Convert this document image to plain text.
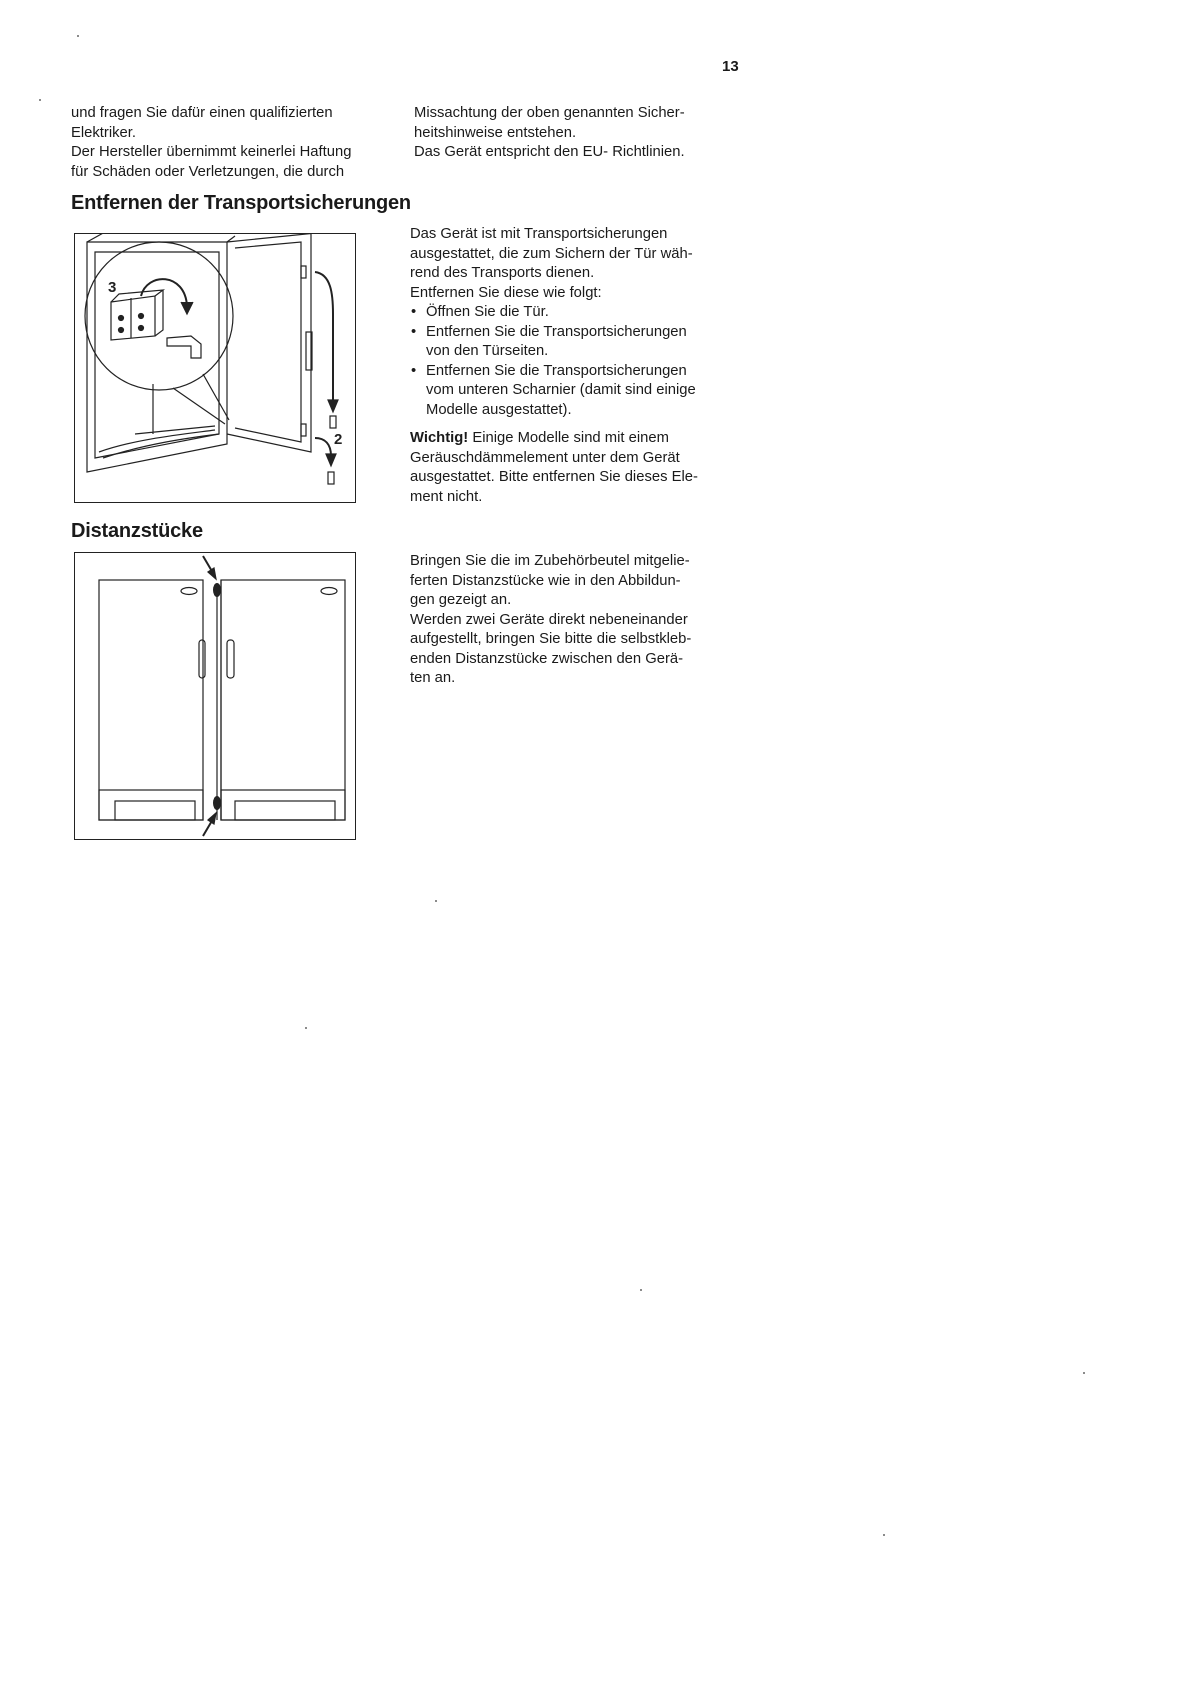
13
und fragen Sie dafür einen qualifizierten
Elektriker.
Der Hersteller übernimmt keinerlei Haftung
für Schäden oder Verletzungen, die durch
Missachtung der oben genannten Sicher-
heitshinweise entstehen.
Das Gerät entspricht den EU- Richtlinien.
Entfernen der Transportsicherungen
3
2
Das Gerät ist mit Transportsicherungen
ausgestattet, die zum Sichern der Tür wäh-
rend des Transports dienen.
Entfernen Sie diese wie folgt:
• Öffnen Sie die Tür.
• Entfernen Sie die Transportsicherungen
von den Türseiten.
• Entfernen Sie die Transportsicherungen
vom unteren Scharnier (damit sind einige
Modelle ausgestattet).
Wichtig! Einige Modelle sind mit einem
Geräuschdämmelement unter dem Gerät
ausgestattet. Bitte entfernen Sie dieses Ele-
ment nicht.
Distanzstücke
Bringen Sie die im Zubehörbeutel mitgelie-
ferten Distanzstücke wie in den Abbildun-
gen gezeigt an.
Werden zwei Geräte direkt nebeneinander
aufgestellt, bringen Sie bitte die selbstkleb-
enden Distanzstücke zwischen den Gerä-
ten an.
